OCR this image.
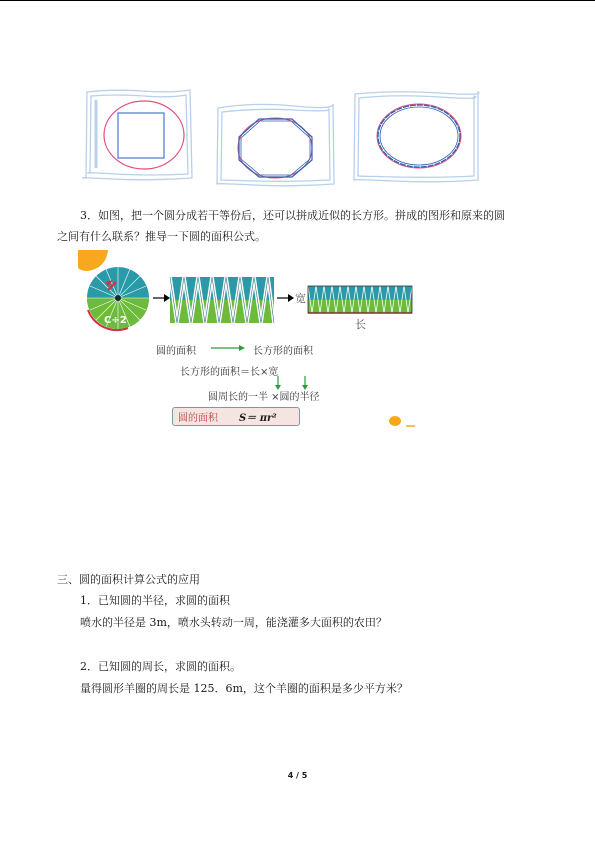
3．如图，把一个圆分成若干等份后，还可以拼成近似的长方形。拼成的图形和原来的圆
之间有什么联系？推导一下圆的面积公式。
C÷2
宽
长
圆的面积	长方形的面积
长方形的面积＝长×宽
圆周长的一半 ×圆的半径
圆的面积 S＝ πr²
三、圆的面积计算公式的应用
1．已知圆的半径，求圆的面积
喷水的半径是 3m，喷水头转动一周，能浇灌多大面积的农田？
2．已知圆的周长，求圆的面积。
量得圆形羊圈的周长是 125．6m，这个羊圈的面积是多少平方米？
4 / 5
